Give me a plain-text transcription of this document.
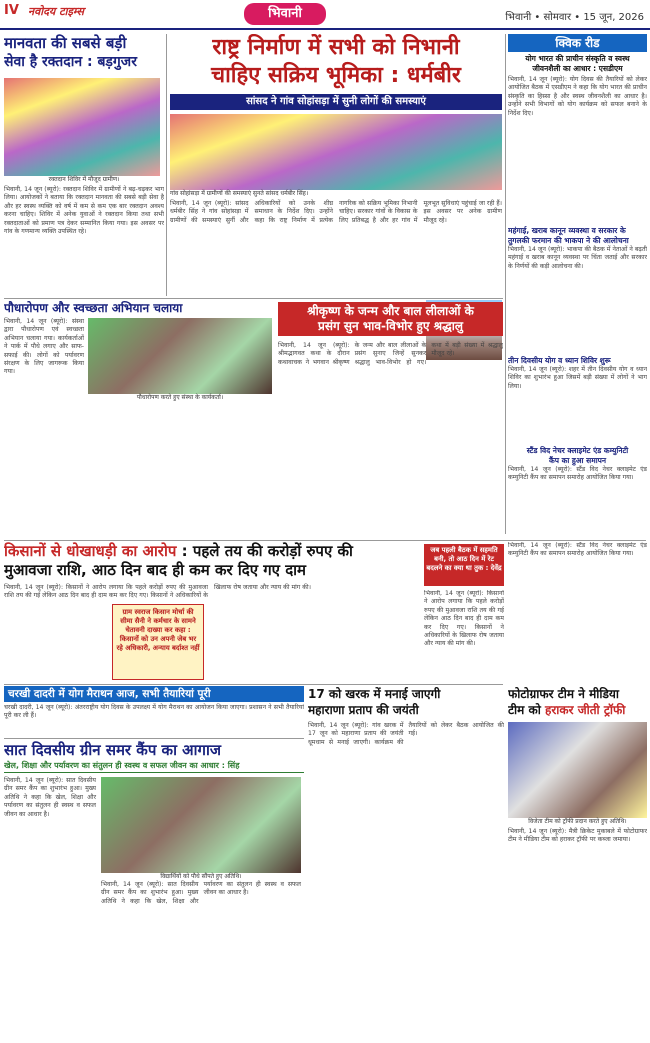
IV नवोदय टाइम्स	भिवानी	भिवानी • सोमवार • 15 जून, 2026
मानवता की सबसे बड़ी
सेवा है रक्तदान : बड़गुजर
रक्तदान शिविर में मौजूद ग्रामीण।
भिवानी, 14 जून (ब्यूरो): रक्तदान शिविर में ग्रामीणों ने बढ़-चढ़कर भाग लिया। आयोजकों ने बताया कि रक्तदान मानवता की सबसे बड़ी सेवा है और हर स्वस्थ व्यक्ति को वर्ष में कम से कम एक बार रक्तदान अवश्य करना चाहिए। शिविर में अनेक युवाओं ने रक्तदान किया तथा सभी रक्तदाताओं को प्रमाण पत्र देकर सम्मानित किया गया। इस अवसर पर गांव के गणमान्य व्यक्ति उपस्थित रहे।
राष्ट्र निर्माण में सभी को निभानी
चाहिए सक्रिय भूमिका : धर्मबीर
सांसद ने गांव सोहांसड़ा में सुनी लोगों की समस्याएं
गांव सोहांसड़ा में ग्रामीणों की समस्याएं सुनते सांसद धर्मबीर सिंह।
भिवानी, 14 जून (ब्यूरो): सांसद धर्मबीर सिंह ने गांव सोहांसड़ा में ग्रामीणों की समस्याएं सुनीं और अधिकारियों को उनके शीघ्र समाधान के निर्देश दिए। उन्होंने कहा कि राष्ट्र निर्माण में प्रत्येक नागरिक को सक्रिय भूमिका निभानी चाहिए। सरकार गांवों के विकास के लिए प्रतिबद्ध है और हर गांव में मूलभूत सुविधाएं पहुंचाई जा रही हैं। इस अवसर पर अनेक ग्रामीण मौजूद रहे।
क्विक रीड
योग भारत की प्राचीन संस्कृति व स्वस्थ
जीवनशैली का आधार : एसडीएम
भिवानी, 14 जून (ब्यूरो): योग दिवस की तैयारियों को लेकर आयोजित बैठक में एसडीएम ने कहा कि योग भारत की प्राचीन संस्कृति का हिस्सा है और स्वस्थ जीवनशैली का आधार है। उन्होंने सभी विभागों को योग कार्यक्रम को सफल बनाने के निर्देश दिए।
महंगाई, खराब कानून व्यवस्था व सरकार के
तुगलकी फरमान की भाकपा ने की आलोचना
भिवानी, 14 जून (ब्यूरो): भाकपा की बैठक में नेताओं ने बढ़ती महंगाई व खराब कानून व्यवस्था पर चिंता जताई और सरकार के निर्णयों की कड़ी आलोचना की।
तीन दिवसीय योग व ध्यान शिविर शुरू
भिवानी, 14 जून (ब्यूरो): शहर में तीन दिवसीय योग व ध्यान शिविर का शुभारंभ हुआ जिसमें बड़ी संख्या में लोगों ने भाग लिया।
स्टैंड विद नेचर क्लाइमेट एंड कम्युनिटी
कैंप का हुआ समापन
भिवानी, 14 जून (ब्यूरो): स्टैंड विद नेचर क्लाइमेट एंड कम्युनिटी कैंप का समापन समारोह आयोजित किया गया।
पौधारोपण और स्वच्छता अभियान चलाया
भिवानी, 14 जून (ब्यूरो): संस्था द्वारा पौधारोपण एवं स्वच्छता अभियान चलाया गया। कार्यकर्ताओं ने पार्क में पौधे लगाए और साफ-सफाई की। लोगों को पर्यावरण संरक्षण के लिए जागरूक किया गया।
पौधारोपण करते हुए संस्था के कार्यकर्ता।
श्रीकृष्ण के जन्म और बाल लीलाओं के
प्रसंग सुन भाव-विभोर हुए श्रद्धालु
भिवानी, 14 जून (ब्यूरो): श्रीमद्भागवत कथा के दौरान कथावाचक ने भगवान श्रीकृष्ण के जन्म और बाल लीलाओं के प्रसंग सुनाए जिन्हें सुनकर श्रद्धालु भाव-विभोर हो गए। कथा में बड़ी संख्या में श्रद्धालु मौजूद रहे।
किसानों से धोखाधड़ी का आरोप : पहले तय की करोड़ों रुपए की
मुआवजा राशि, आठ दिन बाद ही कम कर दिए गए दाम
भिवानी, 14 जून (ब्यूरो): किसानों ने आरोप लगाया कि पहले करोड़ों रुपए की मुआवजा राशि तय की गई लेकिन आठ दिन बाद ही दाम कम कर दिए गए। किसानों ने अधिकारियों के खिलाफ रोष जताया और न्याय की मांग की।
ग्राम स्वराज किसान मोर्चा की सीमा सैनी ने कर्मचार के सामने चेतावनी दाख्या कर कहा : किसानों को उन अपनी जेब भर रहे अधिकारी, अन्याय बर्दाश्त नहीं
जब पहली बैठक में सहमति बनी, तो आठ दिन में रेट बदलने का क्या था तुक : देवेंद्र
भिवानी, 14 जून (ब्यूरो): किसानों ने आरोप लगाया कि पहले करोड़ों रुपए की मुआवजा राशि तय की गई लेकिन आठ दिन बाद ही दाम कम कर दिए गए। किसानों ने अधिकारियों के खिलाफ रोष जताया और न्याय की मांग की।
भिवानी, 14 जून (ब्यूरो): स्टैंड विद नेचर क्लाइमेट एंड कम्युनिटी कैंप का समापन समारोह आयोजित किया गया।
चरखी दादरी में योग मैराथन आज, सभी तैयारियां पूरी
चरखी दादरी, 14 जून (ब्यूरो): अंतरराष्ट्रीय योग दिवस के उपलक्ष्य में योग मैराथन का आयोजन किया जाएगा। प्रशासन ने सभी तैयारियां पूरी कर ली हैं।
17 को खरक में मनाई जाएगी
महाराणा प्रताप की जयंती
भिवानी, 14 जून (ब्यूरो): गांव खरक में 17 जून को महाराणा प्रताप की जयंती धूमधाम से मनाई जाएगी। कार्यक्रम की तैयारियों को लेकर बैठक आयोजित की गई।
फोटोग्राफर टीम ने मीडिया
टीम को हराकर जीती ट्रॉफी
विजेता टीम को ट्रॉफी प्रदान करते हुए अतिथि।
भिवानी, 14 जून (ब्यूरो): मैत्री क्रिकेट मुकाबले में फोटोग्राफर टीम ने मीडिया टीम को हराकर ट्रॉफी पर कब्जा जमाया।
सात दिवसीय ग्रीन समर कैंप का आगाज
खेल, शिक्षा और पर्यावरण का संतुलन ही स्वस्थ व सफल जीवन का आधार : सिंह
भिवानी, 14 जून (ब्यूरो): सात दिवसीय ग्रीन समर कैंप का शुभारंभ हुआ। मुख्य अतिथि ने कहा कि खेल, शिक्षा और पर्यावरण का संतुलन ही स्वस्थ व सफल जीवन का आधार है।
विद्यार्थियों को पौधे सौंपते हुए अतिथि।
भिवानी, 14 जून (ब्यूरो): सात दिवसीय ग्रीन समर कैंप का शुभारंभ हुआ। मुख्य अतिथि ने कहा कि खेल, शिक्षा और पर्यावरण का संतुलन ही स्वस्थ व सफल जीवन का आधार है।
